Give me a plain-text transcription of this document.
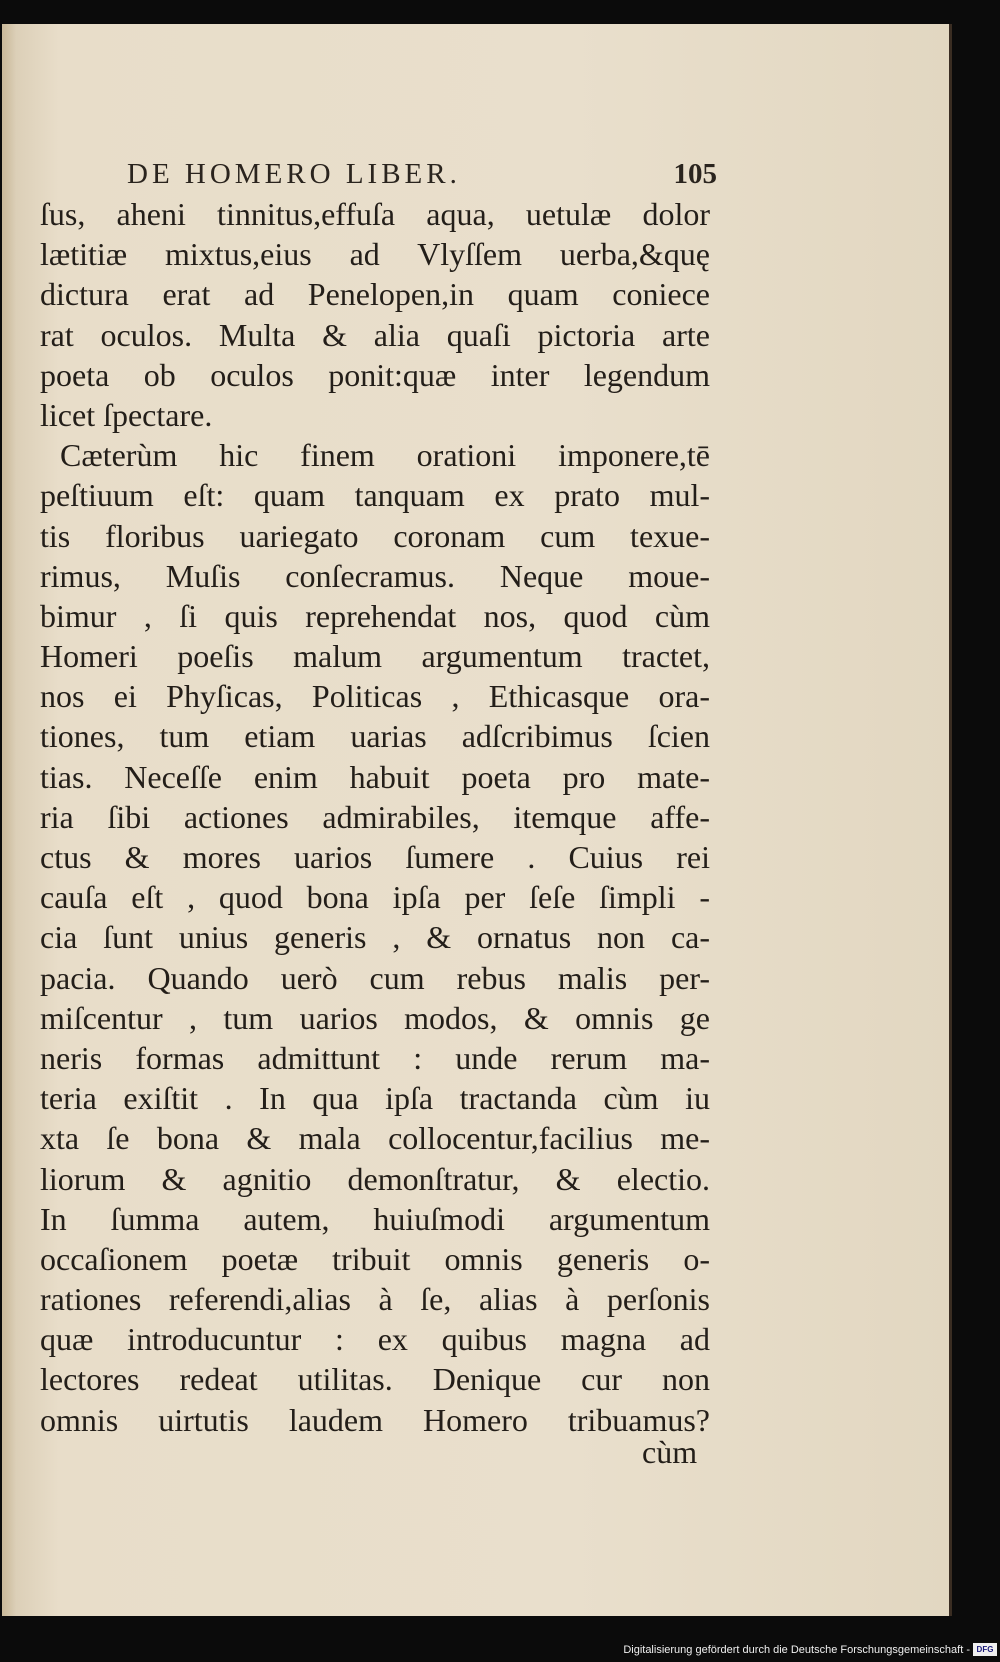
DE HOMERO LIBER.	105
ſus, aheni tinnitus,effuſa aqua, uetulæ dolor
lætitiæ mixtus,eius ad Vlyſſem uerba,&quę
dictura erat ad Penelopen,in quam coniece
rat oculos. Multa & alia quaſi pictoria arte
poeta ob oculos ponit:quæ inter legendum
licet ſpectare.
Cæterùm hic finem orationi imponere,tē
peſtiuum eſt: quam tanquam ex prato mul-
tis floribus uariegato coronam cum texue-
rimus, Muſis conſecramus. Neque moue-
bimur , ſi quis reprehendat nos, quod cùm
Homeri poeſis malum argumentum tractet,
nos ei Phyſicas, Politicas , Ethicasque ora-
tiones, tum etiam uarias adſcribimus ſcien
tias. Neceſſe enim habuit poeta pro mate-
ria ſibi actiones admirabiles, itemque affe-
ctus & mores uarios ſumere . Cuius rei
cauſa eſt , quod bona ipſa per ſeſe ſimpli -
cia ſunt unius generis , & ornatus non ca-
pacia. Quando uerò cum rebus malis per-
miſcentur , tum uarios modos, & omnis ge
neris formas admittunt : unde rerum ma-
teria exiſtit . In qua ipſa tractanda cùm iu
xta ſe bona & mala collocentur,facilius me-
liorum & agnitio demonſtratur, & electio.
In ſumma autem, huiuſmodi argumentum
occaſionem poetæ tribuit omnis generis o-
rationes referendi,alias à ſe, alias à perſonis
quæ introducuntur : ex quibus magna ad
lectores redeat utilitas. Denique cur non
omnis uirtutis laudem Homero tribuamus?
cùm
Digitalisierung gefördert durch die Deutsche Forschungsgemeinschaft - DFG
